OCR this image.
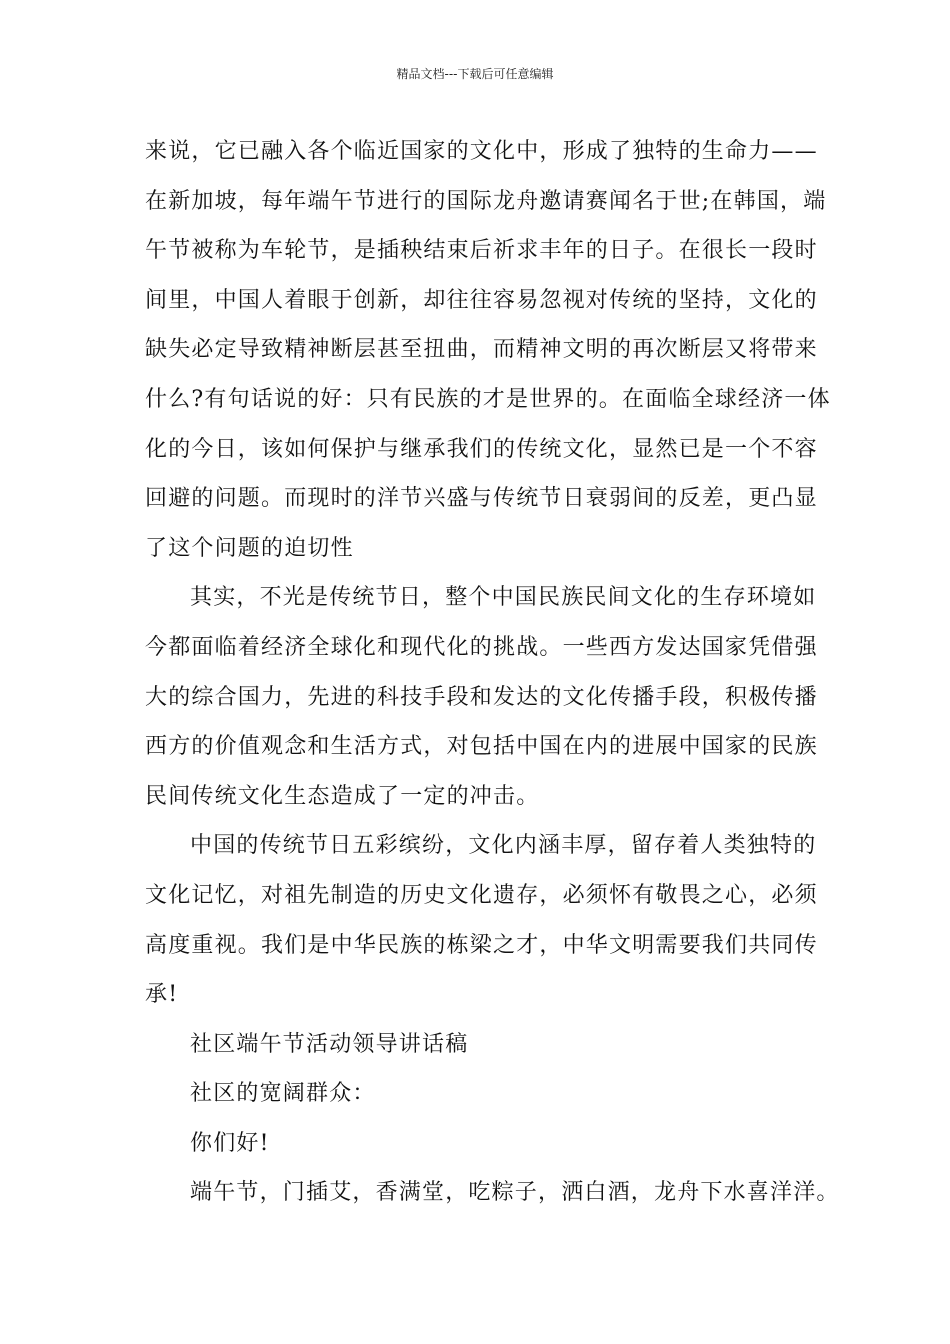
精品文档---下载后可任意编辑

来说，它已融入各个临近国家的文化中，形成了独特的生命力——
在新加坡，每年端午节进行的国际龙舟邀请赛闻名于世;在韩国，端
午节被称为车轮节，是插秧结束后祈求丰年的日子。在很长一段时
间里，中国人着眼于创新，却往往容易忽视对传统的坚持，文化的
缺失必定导致精神断层甚至扭曲，而精神文明的再次断层又将带来
什么?有句话说的好：只有民族的才是世界的。在面临全球经济一体
化的今日，该如何保护与继承我们的传统文化，显然已是一个不容
回避的问题。而现时的洋节兴盛与传统节日衰弱间的反差，更凸显
了这个问题的迫切性

其实，不光是传统节日，整个中国民族民间文化的生存环境如
今都面临着经济全球化和现代化的挑战。一些西方发达国家凭借强
大的综合国力，先进的科技手段和发达的文化传播手段，积极传播
西方的价值观念和生活方式，对包括中国在内的进展中国家的民族
民间传统文化生态造成了一定的冲击。

中国的传统节日五彩缤纷，文化内涵丰厚，留存着人类独特的
文化记忆，对祖先制造的历史文化遗存，必须怀有敬畏之心，必须
高度重视。我们是中华民族的栋梁之才，中华文明需要我们共同传
承!

社区端午节活动领导讲话稿

社区的宽阔群众：

你们好!

端午节，门插艾，香满堂，吃粽子，洒白酒，龙舟下水喜洋洋。
